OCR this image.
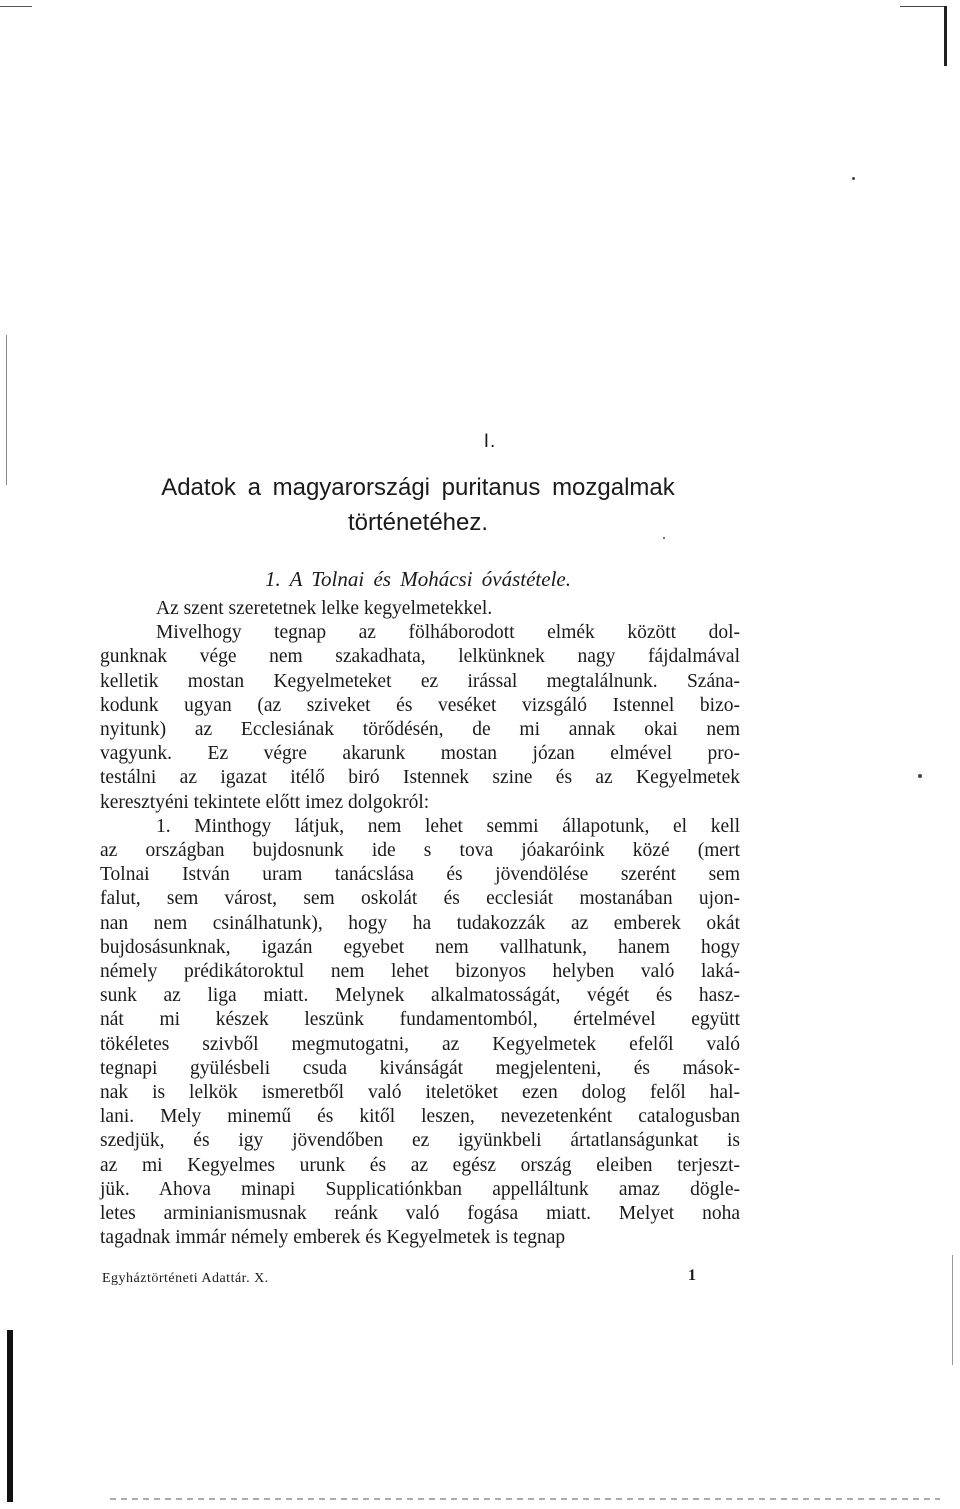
I.
Adatok a magyarországi puritanus mozgalmak
történetéhez.
1. A Tolnai és Mohácsi óvástétele.
Az szent szeretetnek lelke kegyelmetekkel.
Mivelhogy tegnap az fölháborodott elmék között dol-
gunknak vége nem szakadhata, lelkünknek nagy fájdalmával
kelletik mostan Kegyelmeteket ez irással megtalálnunk. Szána-
kodunk ugyan (az sziveket és veséket vizsgáló Istennel bizo-
nyitunk) az Ecclesiának törődésén, de mi annak okai nem
vagyunk. Ez végre akarunk mostan józan elmével pro-
testálni az igazat itélő biró Istennek szine és az Kegyelmetek
keresztyéni tekintete előtt imez dolgokról:
1. Minthogy látjuk, nem lehet semmi állapotunk, el kell
az országban bujdosnunk ide s tova jóakaróink közé (mert
Tolnai István uram tanácslása és jövendölése szerént sem
falut, sem várost, sem oskolát és ecclesiát mostanában ujon-
nan nem csinálhatunk), hogy ha tudakozzák az emberek okát
bujdosásunknak, igazán egyebet nem vallhatunk, hanem hogy
némely prédikátoroktul nem lehet bizonyos helyben való laká-
sunk az liga miatt. Melynek alkalmatosságát, végét és hasz-
nát mi készek leszünk fundamentomból, értelmével együtt
tökéletes szivből megmutogatni, az Kegyelmetek efelől való
tegnapi gyülésbeli csuda kivánságát megjelenteni, és mások-
nak is lelkök ismeretből való iteletöket ezen dolog felől hal-
lani. Mely minemű és kitől leszen, nevezetenként catalogusban
szedjük, és igy jövendőben ez igyünkbeli ártatlanságunkat is
az mi Kegyelmes urunk és az egész ország eleiben terjeszt-
jük. Ahova minapi Supplicatiónkban appelláltunk amaz dögle-
letes arminianismusnak reánk való fogása miatt. Melyet noha
tagadnak immár némely emberek és Kegyelmetek is tegnap
Egyháztörténeti Adattár. X.	1
